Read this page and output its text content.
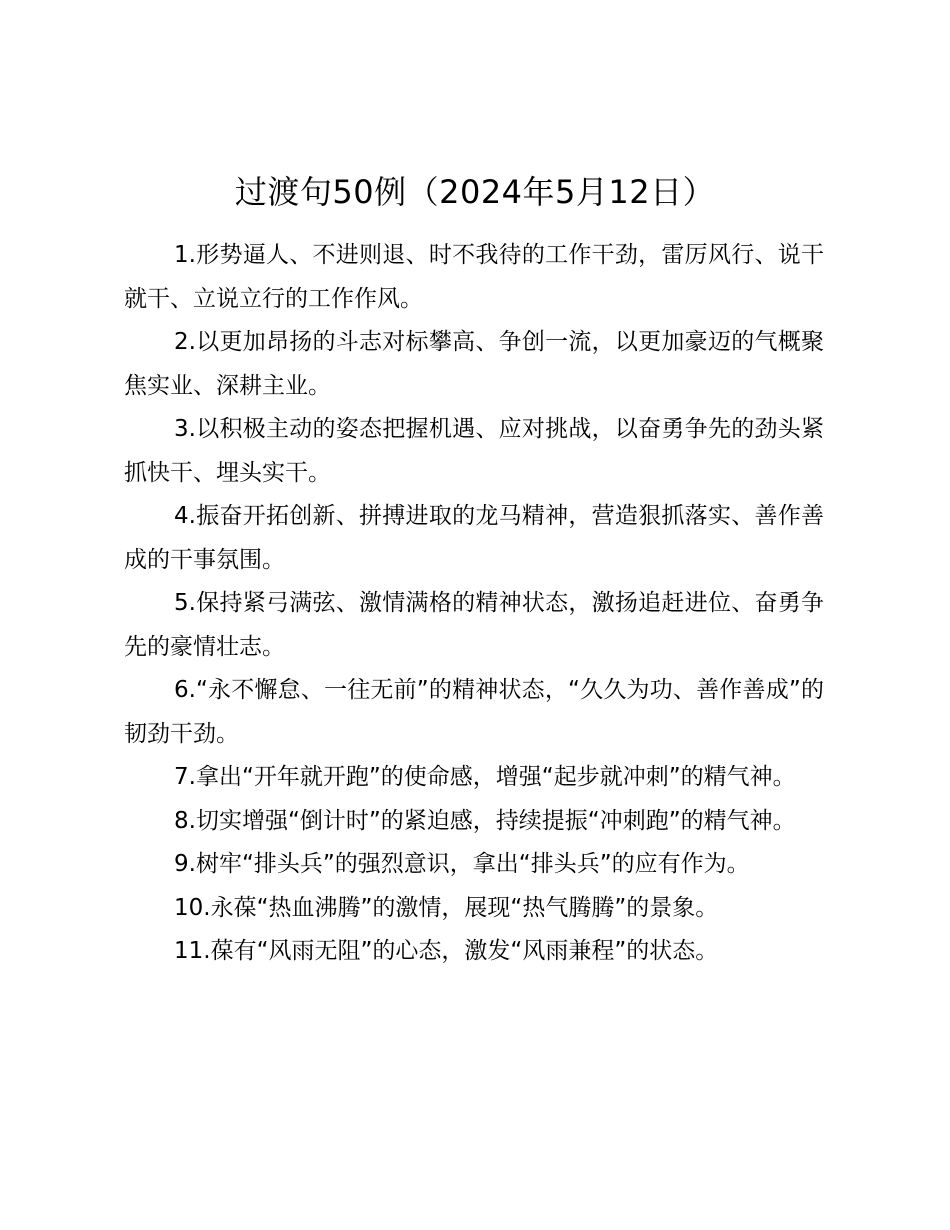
过渡句50例（2024年5月12日）

1.形势逼人、不进则退、时不我待的工作干劲，雷厉风行、说干就干、立说立行的工作作风。

2.以更加昂扬的斗志对标攀高、争创一流，以更加豪迈的气概聚焦实业、深耕主业。

3.以积极主动的姿态把握机遇、应对挑战，以奋勇争先的劲头紧抓快干、埋头实干。

4.振奋开拓创新、拼搏进取的龙马精神，营造狠抓落实、善作善成的干事氛围。

5.保持紧弓满弦、激情满格的精神状态，激扬追赶进位、奋勇争先的豪情壮志。

6.“永不懈怠、一往无前”的精神状态，“久久为功、善作善成”的韧劲干劲。

7.拿出“开年就开跑”的使命感，增强“起步就冲刺”的精气神。

8.切实增强“倒计时”的紧迫感，持续提振“冲刺跑”的精气神。

9.树牢“排头兵”的强烈意识，拿出“排头兵”的应有作为。

10.永葆“热血沸腾”的激情，展现“热气腾腾”的景象。

11.葆有“风雨无阻”的心态，激发“风雨兼程”的状态。
